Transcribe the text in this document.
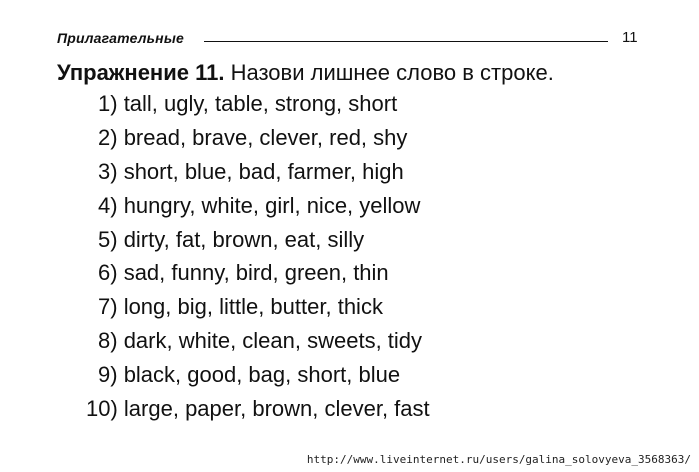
Прилагательные	11
Упражнение 11. Назови лишнее слово в строке.
1) tall, ugly, table, strong, short
2) bread, brave, clever, red, shy
3) short, blue, bad, farmer, high
4) hungry, white, girl, nice, yellow
5) dirty, fat, brown, eat, silly
6) sad, funny, bird, green, thin
7) long, big, little, butter, thick
8) dark, white, clean, sweets, tidy
9) black, good, bag, short, blue
10) large, paper, brown, clever, fast
http://www.liveinternet.ru/users/galina_solovyeva_3568363/
